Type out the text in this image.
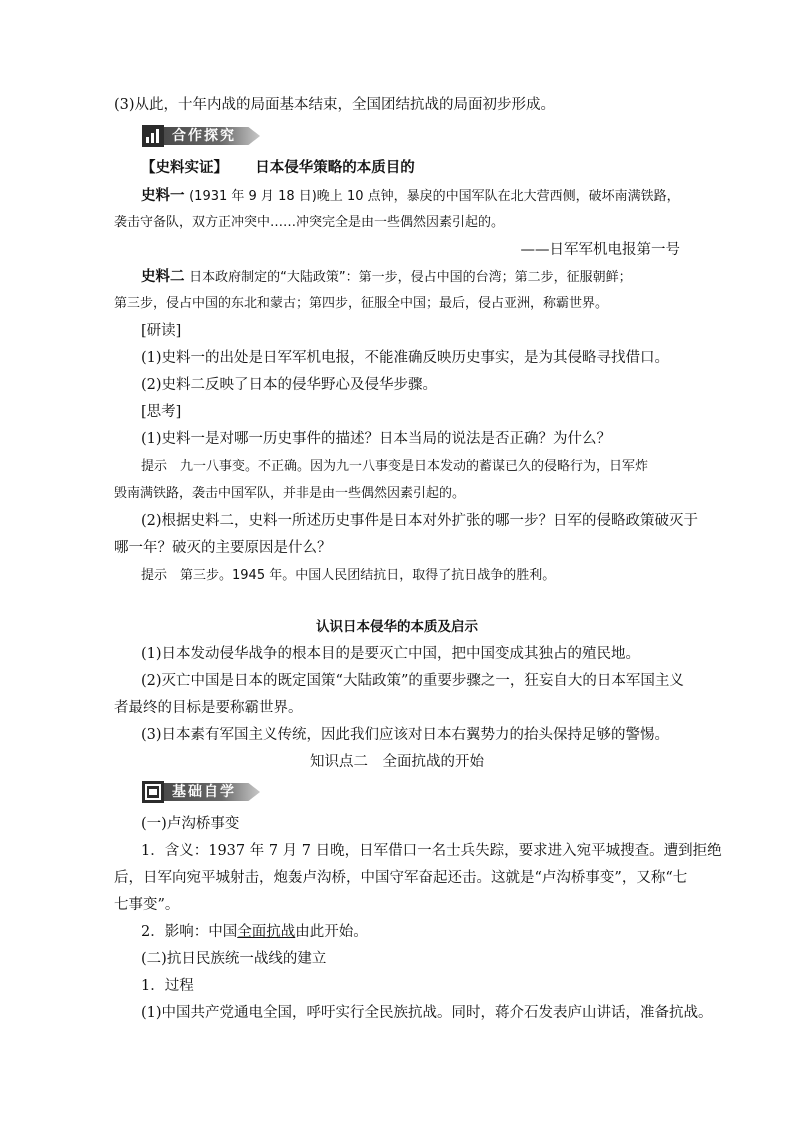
(3)从此，十年内战的局面基本结束，全国团结抗战的局面初步形成。
合作探究
【史料实证】 日本侵华策略的本质目的
史料一 (1931 年 9 月 18 日)晚上 10 点钟，暴戾的中国军队在北大营西侧，破坏南满铁路，
袭击守备队，双方正冲突中……冲突完全是由一些偶然因素引起的。
——日军军机电报第一号
史料二 日本政府制定的“大陆政策”：第一步，侵占中国的台湾；第二步，征服朝鲜；
第三步，侵占中国的东北和蒙古；第四步，征服全中国；最后，侵占亚洲，称霸世界。
[研读]
(1)史料一的出处是日军军机电报，不能准确反映历史事实，是为其侵略寻找借口。
(2)史料二反映了日本的侵华野心及侵华步骤。
[思考]
(1)史料一是对哪一历史事件的描述？日本当局的说法是否正确？为什么？
提示　九一八事变。不正确。因为九一八事变是日本发动的蓄谋已久的侵略行为，日军炸
毁南满铁路，袭击中国军队，并非是由一些偶然因素引起的。
(2)根据史料二，史料一所述历史事件是日本对外扩张的哪一步？日军的侵略政策破灭于
哪一年？破灭的主要原因是什么？
提示　第三步。1945 年。中国人民团结抗日，取得了抗日战争的胜利。
认识日本侵华的本质及启示
(1)日本发动侵华战争的根本目的是要灭亡中国，把中国变成其独占的殖民地。
(2)灭亡中国是日本的既定国策“大陆政策”的重要步骤之一，狂妄自大的日本军国主义
者最终的目标是要称霸世界。
(3)日本素有军国主义传统，因此我们应该对日本右翼势力的抬头保持足够的警惕。
知识点二　全面抗战的开始
基础自学
(一)卢沟桥事变
1．含义：1937 年 7 月 7 日晚，日军借口一名士兵失踪，要求进入宛平城搜查。遭到拒绝
后，日军向宛平城射击，炮轰卢沟桥，中国守军奋起还击。这就是“卢沟桥事变”，又称“七
七事变”。
2．影响：中国全面抗战由此开始。
(二)抗日民族统一战线的建立
1．过程
(1)中国共产党通电全国，呼吁实行全民族抗战。同时，蒋介石发表庐山讲话，准备抗战。
